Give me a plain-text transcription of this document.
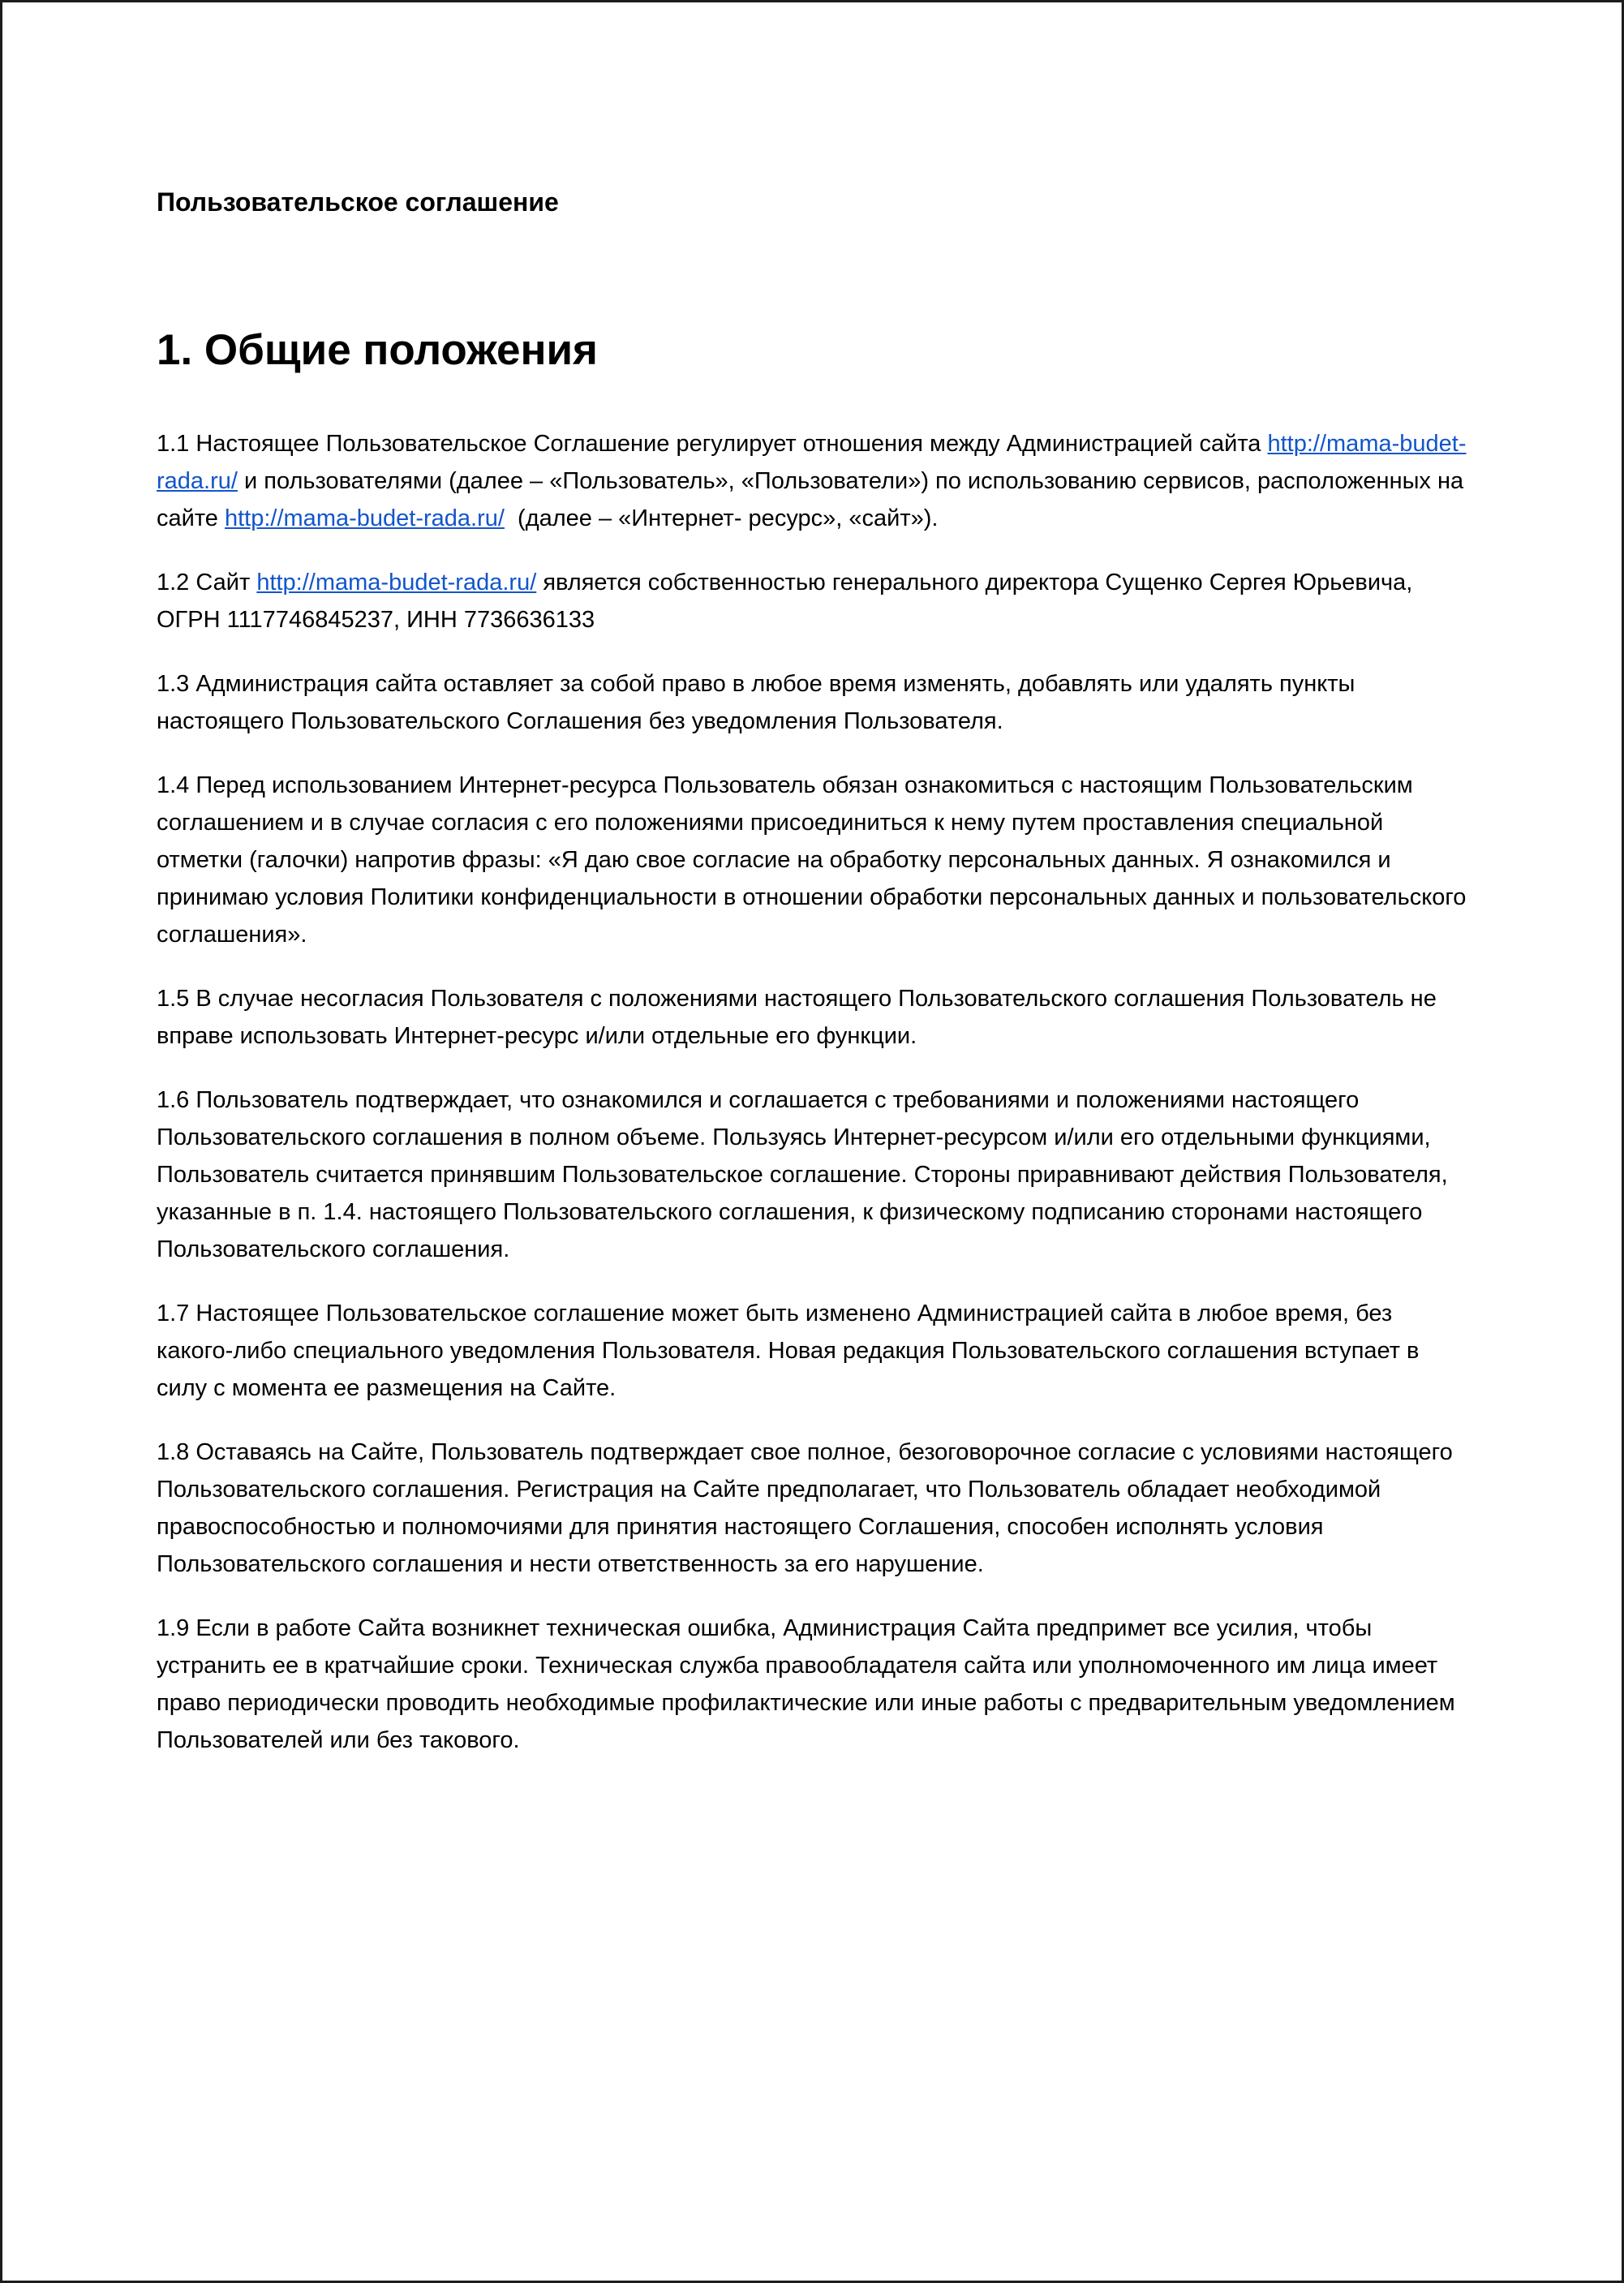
Пользовательское соглашение

1. Общие положения

1.1 Настоящее Пользовательское Соглашение регулирует отношения между Администрацией сайта http://mama-budet-rada.ru/ и пользователями (далее – «Пользователь», «Пользователи») по использованию сервисов, расположенных на сайте http://mama-budet-rada.ru/  (далее – «Интернет- ресурс», «сайт»).

1.2 Сайт http://mama-budet-rada.ru/ является собственностью генерального директора Сущенко Сергея Юрьевича, ОГРН 1117746845237, ИНН 7736636133

1.3 Администрация сайта оставляет за собой право в любое время изменять, добавлять или удалять пункты настоящего Пользовательского Соглашения без уведомления Пользователя.

1.4 Перед использованием Интернет-ресурса Пользователь обязан ознакомиться с настоящим Пользовательским соглашением и в случае согласия с его положениями присоединиться к нему путем проставления специальной отметки (галочки) напротив фразы: «Я даю свое согласие на обработку персональных данных. Я ознакомился и принимаю условия Политики конфиденциальности в отношении обработки персональных данных и пользовательского соглашения».

1.5 В случае несогласия Пользователя с положениями настоящего Пользовательского соглашения Пользователь не вправе использовать Интернет-ресурс и/или отдельные его функции.

1.6 Пользователь подтверждает, что ознакомился и соглашается с требованиями и положениями настоящего Пользовательского соглашения в полном объеме. Пользуясь Интернет-ресурсом и/или его отдельными функциями, Пользователь считается принявшим Пользовательское соглашение. Стороны приравнивают действия Пользователя, указанные в п. 1.4. настоящего Пользовательского соглашения, к физическому подписанию сторонами настоящего Пользовательского соглашения.

1.7 Настоящее Пользовательское соглашение может быть изменено Администрацией сайта в любое время, без какого-либо специального уведомления Пользователя. Новая редакция Пользовательского соглашения вступает в силу с момента ее размещения на Сайте.

1.8 Оставаясь на Сайте, Пользователь подтверждает свое полное, безоговорочное согласие с условиями настоящего Пользовательского соглашения. Регистрация на Сайте предполагает, что Пользователь обладает необходимой правоспособностью и полномочиями для принятия настоящего Соглашения, способен исполнять условия Пользовательского соглашения и нести ответственность за его нарушение.

1.9 Если в работе Сайта возникнет техническая ошибка, Администрация Сайта предпримет все усилия, чтобы устранить ее в кратчайшие сроки. Техническая служба правообладателя сайта или уполномоченного им лица имеет право периодически проводить необходимые профилактические или иные работы с предварительным уведомлением Пользователей или без такового.
